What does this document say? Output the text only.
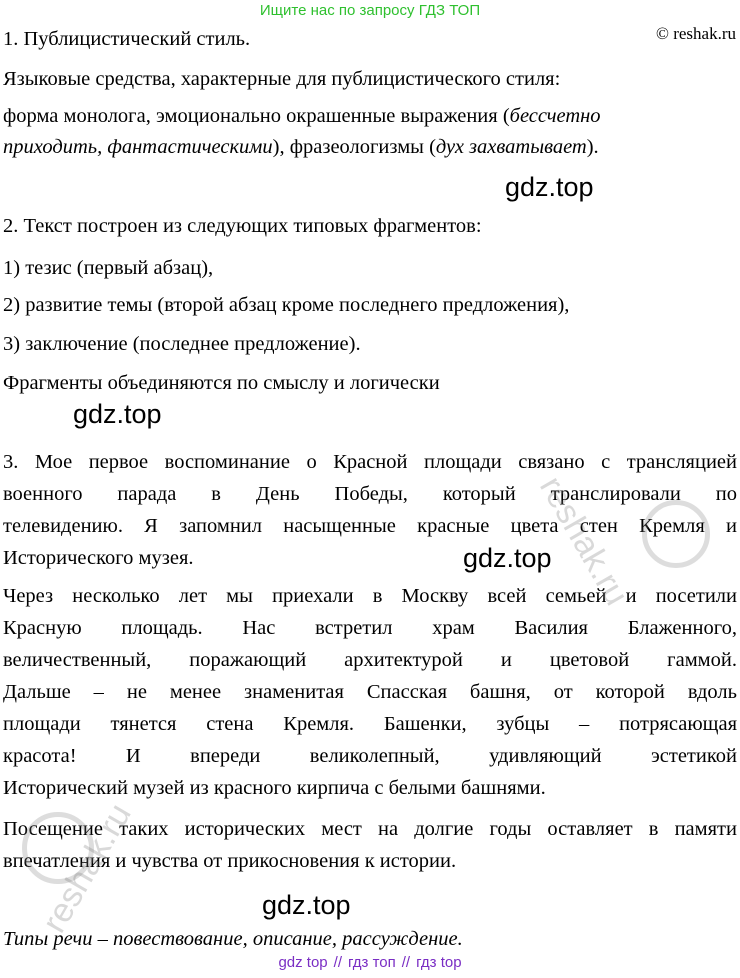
Ищите нас по запросу ГДЗ ТОП
© reshak.ru
1. Публицистический стиль.
Языковые средства, характерные для публицистического стиля:
форма монолога, эмоционально окрашенные выражения (бессчетно
приходить, фантастическими), фразеологизмы (дух захватывает).
gdz.top
2. Текст построен из следующих типовых фрагментов:
1) тезис (первый абзац),
2) развитие темы (второй абзац кроме последнего предложения),
3) заключение (последнее предложение).
Фрагменты объединяются по смыслу и логически
gdz.top
3. Мое первое воспоминание о Красной площади связано с трансляцией
военного парада в День Победы, который транслировали по
телевидению. Я запомнил насыщенные красные цвета стен Кремля и
Исторического музея.	gdz.top
Через несколько лет мы приехали в Москву всей семьей и посетили
Красную площадь. Нас встретил храм Василия Блаженного,
величественный, поражающий архитектурой и цветовой гаммой.
Дальше – не менее знаменитая Спасская башня, от которой вдоль
площади тянется стена Кремля. Башенки, зубцы – потрясающая
красота! И впереди великолепный, удивляющий эстетикой
Исторический музей из красного кирпича с белыми башнями.
Посещение таких исторических мест на долгие годы оставляет в памяти
впечатления и чувства от прикосновения к истории.
gdz.top
Типы речи – повествование, описание, рассуждение.
gdz top // гдз топ // гдз top
reshak.ru
reshak.ru
